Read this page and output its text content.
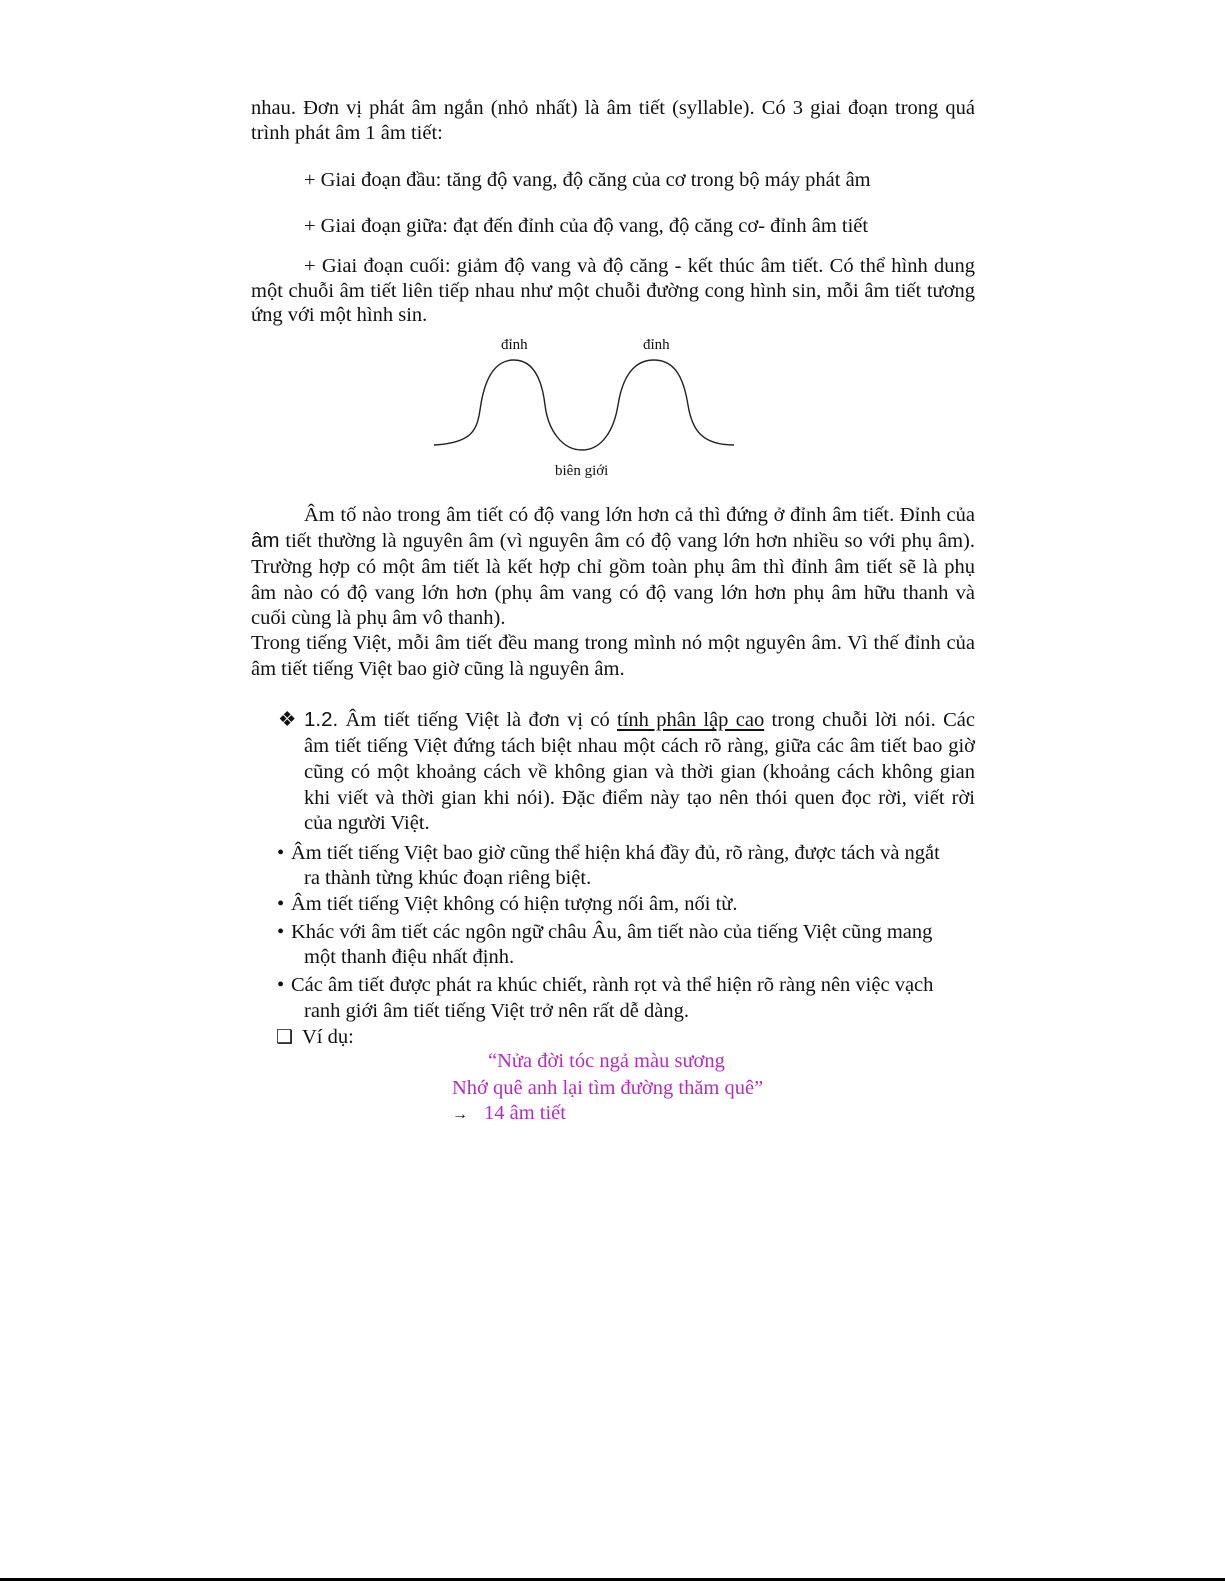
nhau. Đơn vị phát âm ngắn (nhỏ nhất) là âm tiết (syllable). Có 3 giai đoạn trong quá
trình phát âm 1 âm tiết:
+ Giai đoạn đầu: tăng độ vang, độ căng của cơ trong bộ máy phát âm
+ Giai đoạn giữa: đạt đến đỉnh của độ vang, độ căng cơ- đỉnh âm tiết
+ Giai đoạn cuối: giảm độ vang và độ căng - kết thúc âm tiết. Có thể hình dung
một chuỗi âm tiết liên tiếp nhau như một chuỗi đường cong hình sin, mỗi âm tiết tương
ứng với một hình sin.
đỉnh	đỉnh
biên giới
Âm tố nào trong âm tiết có độ vang lớn hơn cả thì đứng ở đỉnh âm tiết. Đỉnh của
âm tiết thường là nguyên âm (vì nguyên âm có độ vang lớn hơn nhiều so với phụ âm).
Trường hợp có một âm tiết là kết hợp chỉ gồm toàn phụ âm thì đỉnh âm tiết sẽ là phụ
âm nào có độ vang lớn hơn (phụ âm vang có độ vang lớn hơn phụ âm hữu thanh và
cuối cùng là phụ âm vô thanh).
Trong tiếng Việt, mỗi âm tiết đều mang trong mình nó một nguyên âm. Vì thế đỉnh của
âm tiết tiếng Việt bao giờ cũng là nguyên âm.
❖ 1.2. Âm tiết tiếng Việt là đơn vị có tính phân lập cao trong chuỗi lời nói. Các
âm tiết tiếng Việt đứng tách biệt nhau một cách rõ ràng, giữa các âm tiết bao giờ
cũng có một khoảng cách về không gian và thời gian (khoảng cách không gian
khi viết và thời gian khi nói). Đặc điểm này tạo nên thói quen đọc rời, viết rời
của người Việt.
• Âm tiết tiếng Việt bao giờ cũng thể hiện khá đầy đủ, rõ ràng, được tách và ngắt
ra thành từng khúc đoạn riêng biệt.
• Âm tiết tiếng Việt không có hiện tượng nối âm, nối từ.
• Khác với âm tiết các ngôn ngữ châu Âu, âm tiết nào của tiếng Việt cũng mang
một thanh điệu nhất định.
• Các âm tiết được phát ra khúc chiết, rành rọt và thể hiện rõ ràng nên việc vạch
ranh giới âm tiết tiếng Việt trở nên rất dễ dàng.
❑ Ví dụ:
“Nửa đời tóc ngả màu sương
Nhớ quê anh lại tìm đường thăm quê”
→ 14 âm tiết
